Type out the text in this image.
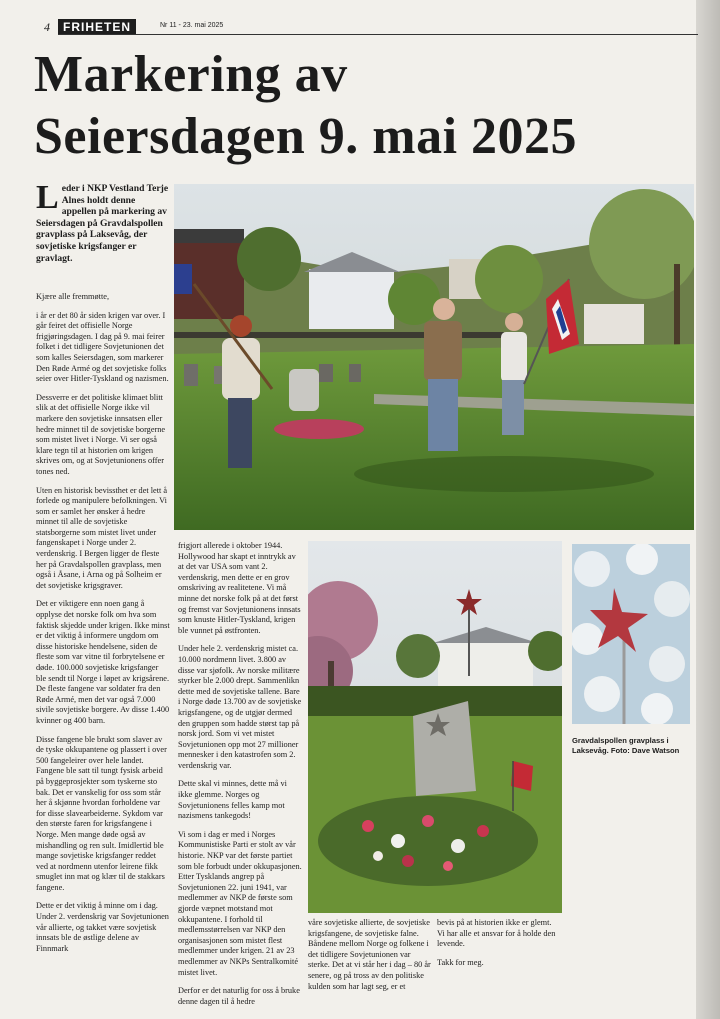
4	FRIHETEN	Nr 11 - 23. mai 2025
Markering av
Seiersdagen 9. mai 2025
Leder i NKP Vestland Terje Alnes holdt denne appellen på markering av Seiersdagen på Gravdalspollen gravplass på Laksevåg, der sovjetiske krigsfanger er gravlagt.

Kjære alle fremmøtte,

i år er det 80 år siden krigen var over. I går feiret det offisielle Norge frigjøringsdagen. I dag på 9. mai feirer folket i det tidligere Sovjetunionen det som kalles Seiersdagen, som markerer Den Røde Armé og det sovjetiske folks seier over Hitler-Tyskland og nazismen.

Dessverre er det politiske klimaet blitt slik at det offisielle Norge ikke vil markere den sovjetiske innsatsen eller hedre minnet til de sovjetiske borgerne som mistet livet i Norge. Vi ser også klare tegn til at historien om krigen skrives om, og at Sovjetunionens offer tones ned.

Uten en historisk bevissthet er det lett å forlede og manipulere befolkningen. Vi som er samlet her ønsker å hedre minnet til alle de sovjetiske statsborgerne som mistet livet under fangenskapet i Norge under 2. verdenskrig. I Bergen ligger de fleste her på Gravdalspollen gravplass, men også i Åsane, i Arna og på Solheim er det sovjetiske krigsgraver.

Det er viktigere enn noen gang å opplyse det norske folk om hva som faktisk skjedde under krigen. Ikke minst er det viktig å informere ungdom om disse historiske hendelsene, siden de fleste som var vitne til forbrytelsene er døde. 100.000 sovjetiske krigsfanger ble sendt til Norge i løpet av krigsårene. De fleste fangene var soldater fra den Røde Armé, men det var også 7.000 sivile sovjetiske borgere. Av disse 1.400 kvinner og 400 barn.

Disse fangene ble brukt som slaver av de tyske okkupantene og plassert i over 500 fangeleirer over hele landet. Fangene ble satt til tungt fysisk arbeid på byggeprosjekter som tyskerne sto bak. Det er vanskelig for oss som står her å skjønne hvordan forholdene var for disse slavearbeiderne. Sykdom var den største faren for krigsfangene i Norge. Men mange døde også av mishandling og ren sult. Imidlertid ble mange sovjetiske krigsfanger reddet ved at nordmenn utenfor leirene fikk smuglet inn mat og klær til de stakkars fangene.

Dette er det viktig å minne om i dag. Under 2. verdenskrig var Sovjetunionen vår allierte, og takket være sovjetisk innsats ble de østlige delene av Finnmark

frigjort allerede i oktober 1944. Hollywood har skapt et inntrykk av at det var USA som vant 2. verdenskrig, men dette er en grov omskriving av realitetene. Vi må minne det norske folk på at det først og fremst var Sovjetunionens innsats som knuste Hitler-Tyskland, krigen ble vunnet på østfronten.

Under hele 2. verdenskrig mistet ca. 10.000 nordmenn livet. 3.800 av disse var sjøfolk. Av norske militære styrker ble 2.000 drept. Sammenlikn dette med de sovjetiske tallene. Bare i Norge døde 13.700 av de sovjetiske krigsfangene, og de utgjør dermed den gruppen som hadde størst tap på norsk jord. Som vi vet mistet Sovjetunionen opp mot 27 millioner mennesker i den katastrofen som 2. verdenskrig var.

Dette skal vi minnes, dette må vi ikke glemme. Norges og Sovjetunionens felles kamp mot nazismens tankegods!

Vi som i dag er med i Norges Kommunistiske Parti er stolt av vår historie. NKP var det første partiet som ble forbudt under okkupasjonen. Etter Tysklands angrep på Sovjetunionen 22. juni 1941, var medlemmer av NKP de første som gjorde væpnet motstand mot okkupantene. I forhold til medlemsstørrelsen var NKP den organisasjonen som mistet flest medlemmer under krigen. 21 av 23 medlemmer av NKPs Sentralkomité mistet livet.

Derfor er det naturlig for oss å bruke denne dagen til å hedre

våre sovjetiske allierte, de sovjetiske krigsfangene, de sovjetiske falne. Båndene mellom Norge og folkene i det tidligere Sovjetunionen var sterke. Det at vi står her i dag – 80 år senere, og på tross av den politiske kulden som har lagt seg, er et

bevis på at historien ikke er glemt. Vi har alle et ansvar for å holde den levende.

Takk for meg.

Gravdalspollen gravplass i Laksevåg. Foto: Dave Watson
